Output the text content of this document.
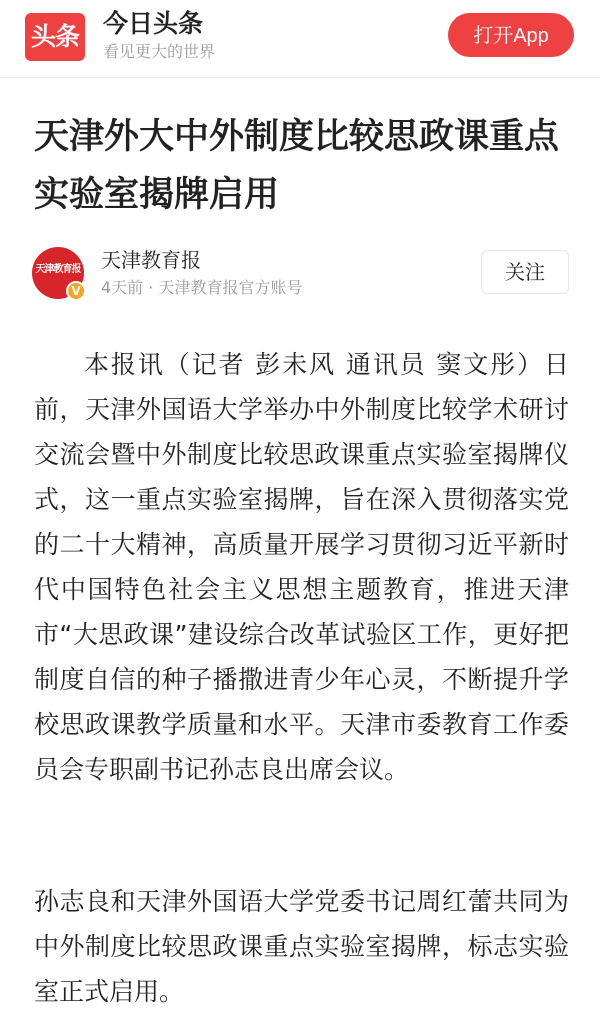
头条 今日头条
看见更大的世界
打开App
天津外大中外制度比较思政课重点实验室揭牌启用
天津教育报
V
天津教育报
4天前 · 天津教育报官方账号
关注

本报讯（记者 彭未风 通讯员 窦文彤）日前，天津外国语大学举办中外制度比较学术研讨交流会暨中外制度比较思政课重点实验室揭牌仪式，这一重点实验室揭牌，旨在深入贯彻落实党的二十大精神，高质量开展学习贯彻习近平新时代中国特色社会主义思想主题教育，推进天津市“大思政课”建设综合改革试验区工作，更好把制度自信的种子播撒进青少年心灵，不断提升学校思政课教学质量和水平。天津市委教育工作委员会专职副书记孙志良出席会议。

孙志良和天津外国语大学党委书记周红蕾共同为中外制度比较思政课重点实验室揭牌，标志实验室正式启用。
